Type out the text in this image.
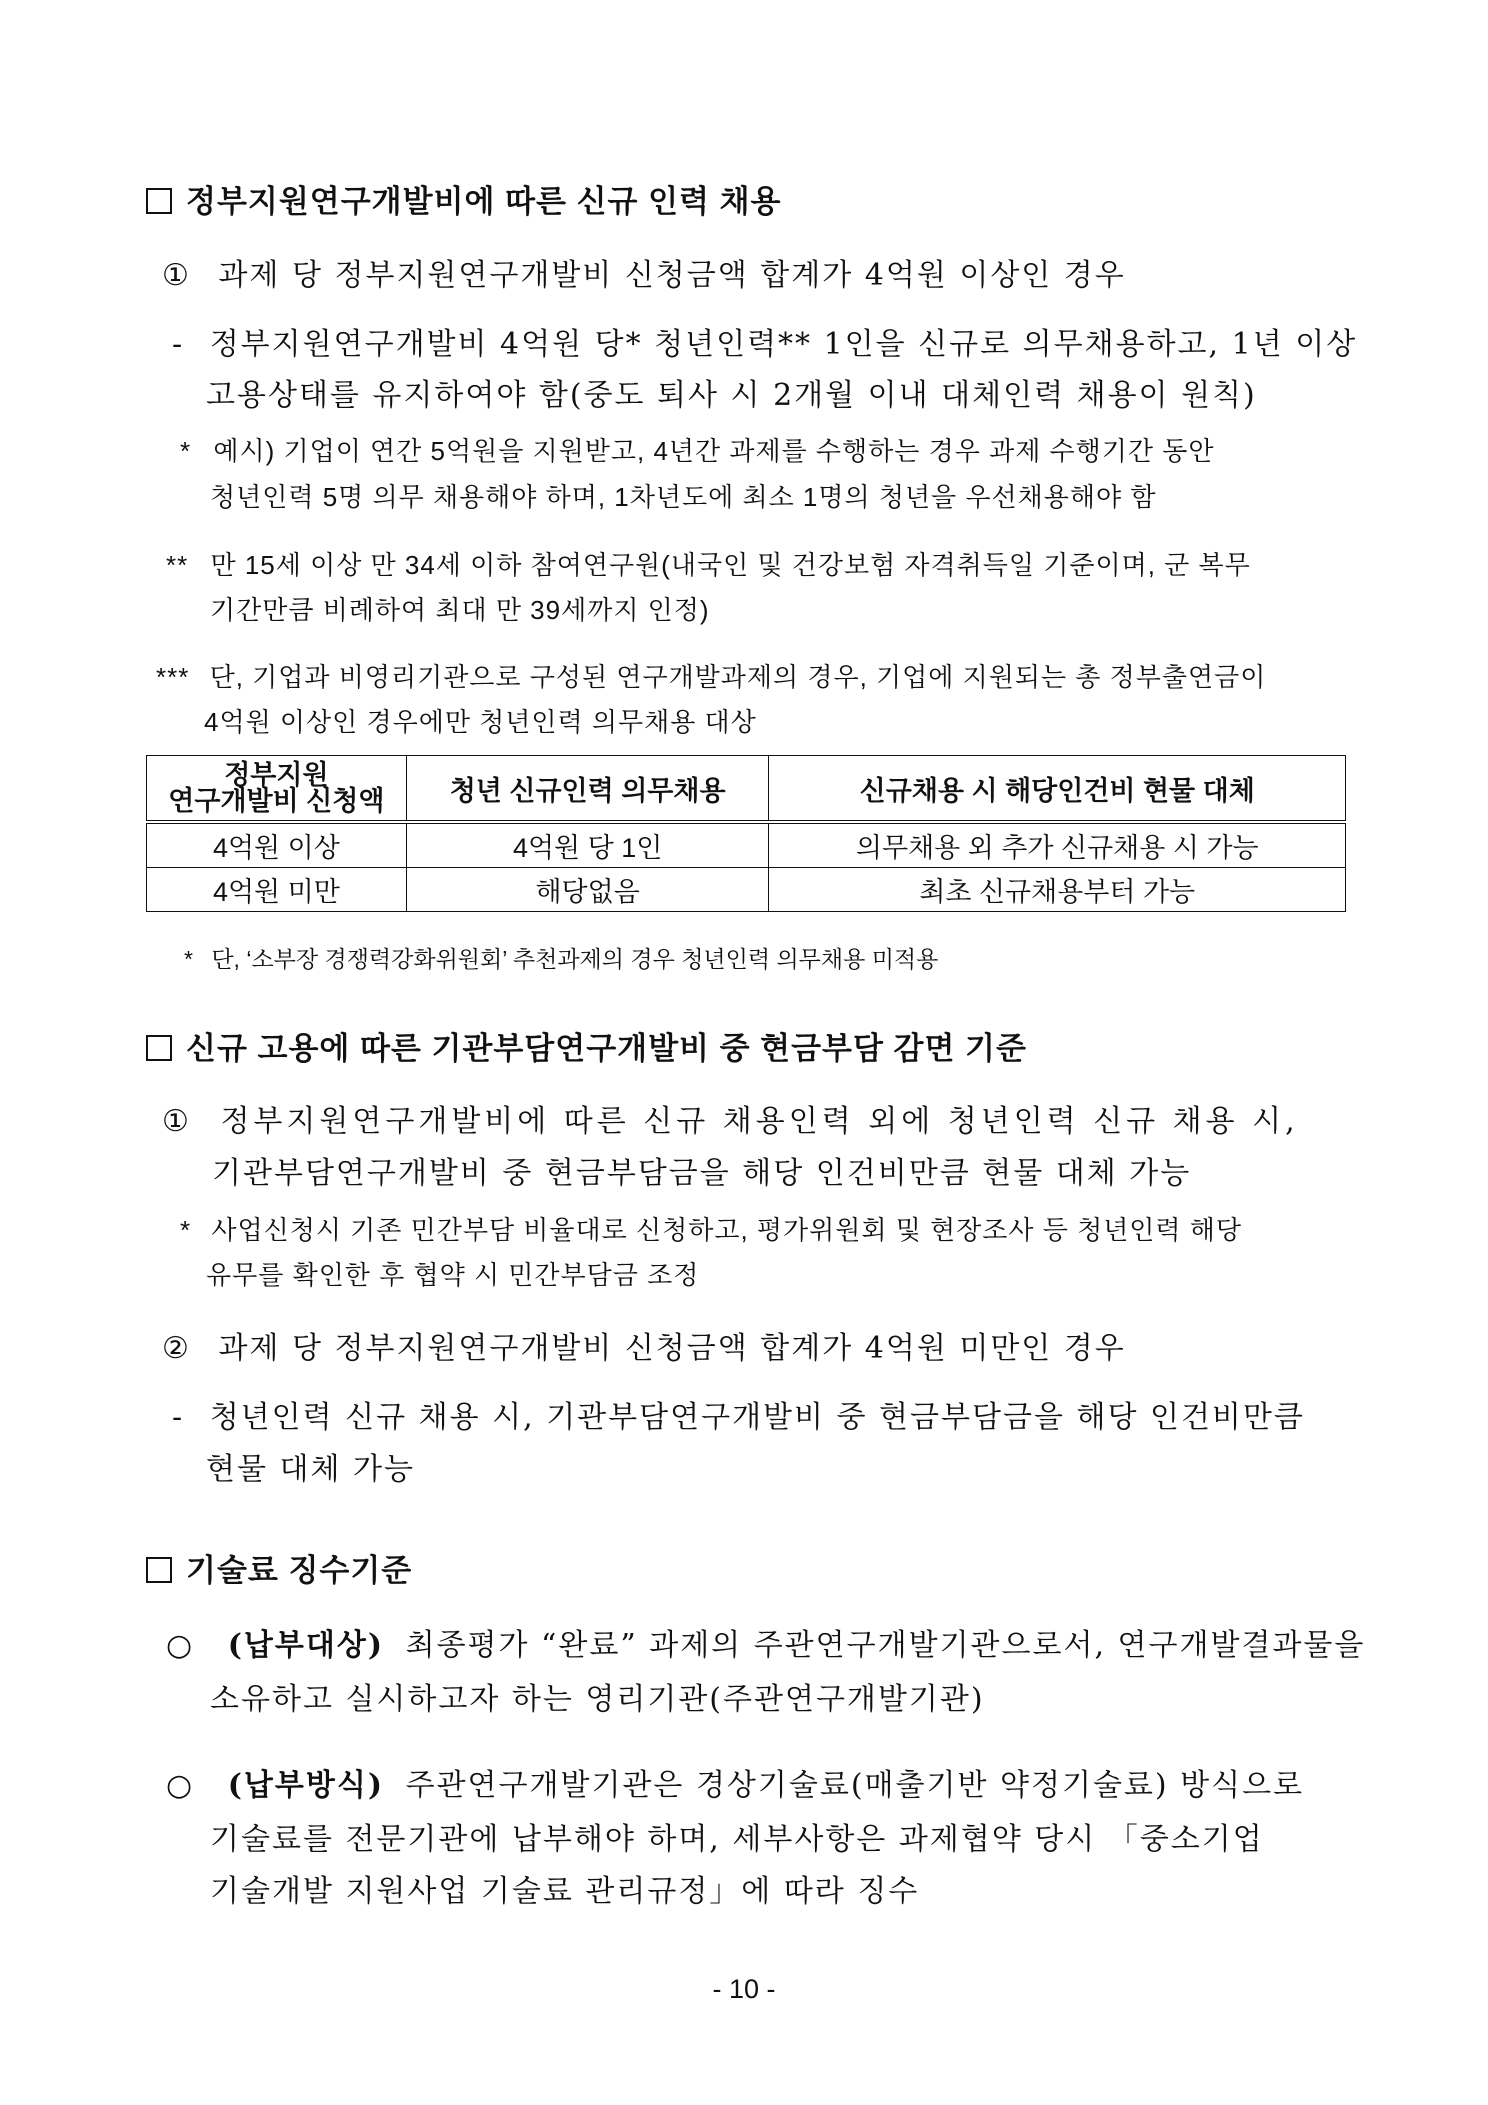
정부지원연구개발비에 따른 신규 인력 채용
① 과제 당 정부지원연구개발비 신청금액 합계가 4억원 이상인 경우
- 정부지원연구개발비 4억원 당* 청년인력** 1인을 신규로 의무채용하고, 1년 이상
고용상태를 유지하여야 함(중도 퇴사 시 2개월 이내 대체인력 채용이 원칙)
* 예시) 기업이 연간 5억원을 지원받고, 4년간 과제를 수행하는 경우 과제 수행기간 동안
청년인력 5명 의무 채용해야 하며, 1차년도에 최소 1명의 청년을 우선채용해야 함
** 만 15세 이상 만 34세 이하 참여연구원(내국인 및 건강보험 자격취득일 기준이며, 군 복무
기간만큼 비례하여 최대 만 39세까지 인정)
*** 단, 기업과 비영리기관으로 구성된 연구개발과제의 경우, 기업에 지원되는 총 정부출연금이
4억원 이상인 경우에만 청년인력 의무채용 대상
정부지원
연구개발비 신청액	청년 신규인력 의무채용	신규채용 시 해당인건비 현물 대체
4억원 이상	4억원 당 1인	의무채용 외 추가 신규채용 시 가능
4억원 미만	해당없음	최초 신규채용부터 가능
* 단, ‘소부장 경쟁력강화위원회’ 추천과제의 경우 청년인력 의무채용 미적용
신규 고용에 따른 기관부담연구개발비 중 현금부담 감면 기준
① 정부지원연구개발비에 따른 신규 채용인력 외에 청년인력 신규 채용 시,
기관부담연구개발비 중 현금부담금을 해당 인건비만큼 현물 대체 가능
* 사업신청시 기존 민간부담 비율대로 신청하고, 평가위원회 및 현장조사 등 청년인력 해당
유무를 확인한 후 협약 시 민간부담금 조정
② 과제 당 정부지원연구개발비 신청금액 합계가 4억원 미만인 경우
- 청년인력 신규 채용 시, 기관부담연구개발비 중 현금부담금을 해당 인건비만큼
현물 대체 가능
기술료 징수기준
○ (납부대상) 최종평가 “완료” 과제의 주관연구개발기관으로서, 연구개발결과물을
소유하고 실시하고자 하는 영리기관(주관연구개발기관)
○ (납부방식) 주관연구개발기관은 경상기술료(매출기반 약정기술료) 방식으로
기술료를 전문기관에 납부해야 하며, 세부사항은 과제협약 당시 「중소기업
기술개발 지원사업 기술료 관리규정」에 따라 징수
- 10 -
